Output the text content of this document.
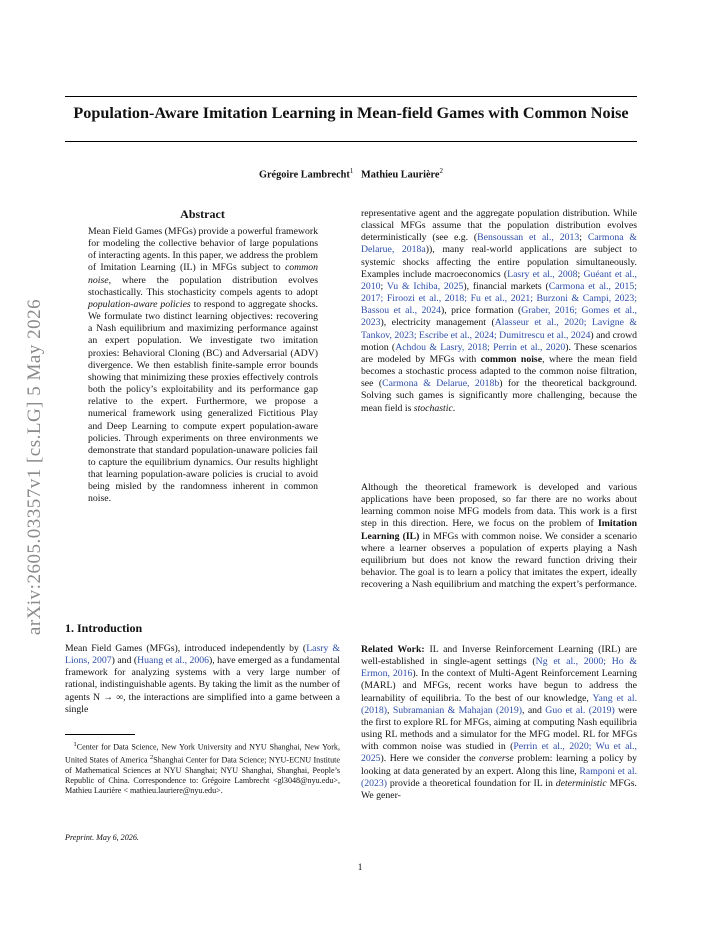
arXiv:2605.03357v1 [cs.LG] 5 May 2026
Population-Aware Imitation Learning in Mean-field Games with Common Noise
Grégoire Lambrecht$^1$ Mathieu Laurière$^2$
Abstract
Mean Field Games (MFGs) provide a powerful framework for modeling the collective behavior of large populations of interacting agents. In this paper, we address the problem of Imitation Learning (IL) in MFGs subject to common noise, where the population distribution evolves stochastically. This stochasticity compels agents to adopt population-aware policies to respond to aggregate shocks. We formulate two distinct learning objectives: recovering a Nash equilibrium and maximizing performance against an expert population. We investigate two imitation proxies: Behavioral Cloning (BC) and Adversarial (ADV) divergence. We then establish finite-sample error bounds showing that minimizing these proxies effectively controls both the policy’s exploitability and its performance gap relative to the expert. Furthermore, we propose a numerical framework using generalized Fictitious Play and Deep Learning to compute expert population-aware policies. Through experiments on three environments we demonstrate that standard population-unaware policies fail to capture the equilibrium dynamics. Our results highlight that learning population-aware policies is crucial to avoid being misled by the randomness inherent in common noise.
1. Introduction
Mean Field Games (MFGs), introduced independently by (Lasry & Lions, 2007) and (Huang et al., 2006), have emerged as a fundamental framework for analyzing systems with a very large number of rational, indistinguishable agents. By taking the limit as the number of agents N → ∞, the interactions are simplified into a game between a single
$^1$Center for Data Science, New York University and NYU Shanghai, New York, United States of America $^2$Shanghai Center for Data Science; NYU-ECNU Institute of Mathematical Sciences at NYU Shanghai; NYU Shanghai, Shanghai, People’s Republic of China. Correspondence to: Grégoire Lambrecht <gl3048@nyu.edu>, Mathieu Laurière < mathieu.lauriere@nyu.edu>.
Preprint. May 6, 2026.
representative agent and the aggregate population distribution. While classical MFGs assume that the population distribution evolves deterministically (see e.g. (Bensoussan et al., 2013; Carmona & Delarue, 2018a)), many real-world applications are subject to systemic shocks affecting the entire population simultaneously. Examples include macroeconomics (Lasry et al., 2008; Guéant et al., 2010; Vu & Ichiba, 2025), financial markets (Carmona et al., 2015; 2017; Firoozi et al., 2018; Fu et al., 2021; Burzoni & Campi, 2023; Bassou et al., 2024), price formation (Graber, 2016; Gomes et al., 2023), electricity management (Alasseur et al., 2020; Lavigne & Tankov, 2023; Escribe et al., 2024; Dumitrescu et al., 2024) and crowd motion (Achdou & Lasry, 2018; Perrin et al., 2020). These scenarios are modeled by MFGs with common noise, where the mean field becomes a stochastic process adapted to the common noise filtration, see (Carmona & Delarue, 2018b) for the theoretical background. Solving such games is significantly more challenging, because the mean field is stochastic.
Although the theoretical framework is developed and various applications have been proposed, so far there are no works about learning common noise MFG models from data. This work is a first step in this direction. Here, we focus on the problem of Imitation Learning (IL) in MFGs with common noise. We consider a scenario where a learner observes a population of experts playing a Nash equilibrium but does not know the reward function driving their behavior. The goal is to learn a policy that imitates the expert, ideally recovering a Nash equilibrium and matching the expert’s performance.
Related Work: IL and Inverse Reinforcement Learning (IRL) are well-established in single-agent settings (Ng et al., 2000; Ho & Ermon, 2016). In the context of Multi-Agent Reinforcement Learning (MARL) and MFGs, recent works have begun to address the learnability of equilibria. To the best of our knowledge, Yang et al. (2018), Subramanian & Mahajan (2019), and Guo et al. (2019) were the first to explore RL for MFGs, aiming at computing Nash equilibria using RL methods and a simulator for the MFG model. RL for MFGs with common noise was studied in (Perrin et al., 2020; Wu et al., 2025). Here we consider the converse problem: learning a policy by looking at data generated by an expert. Along this line, Ramponi et al. (2023) provide a theoretical foundation for IL in deterministic MFGs. We gener-
1
